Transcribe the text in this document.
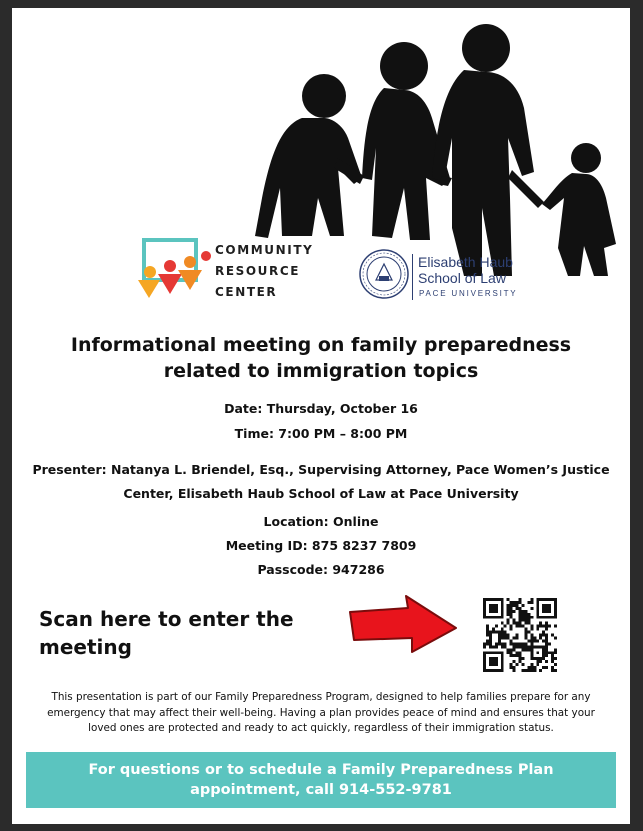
COMMUNITY
RESOURCE
CENTER
Elisabeth Haub
School of Law
PACE UNIVERSITY
Informational meeting on family preparedness
related to immigration topics
Date: Thursday, October 16
Time: 7:00 PM – 8:00 PM
Presenter: Natanya L. Briendel, Esq., Supervising Attorney, Pace Women’s Justice
Center, Elisabeth Haub School of Law at Pace University
Location: Online
Meeting ID: 875 8237 7809
Passcode: 947286
Scan here to enter the
meeting
This presentation is part of our Family Preparedness Program, designed to help families prepare for any
emergency that may affect their well-being. Having a plan provides peace of mind and ensures that your
loved ones are protected and ready to act quickly, regardless of their immigration status.
For questions or to schedule a Family Preparedness Plan
appointment, call 914-552-9781
